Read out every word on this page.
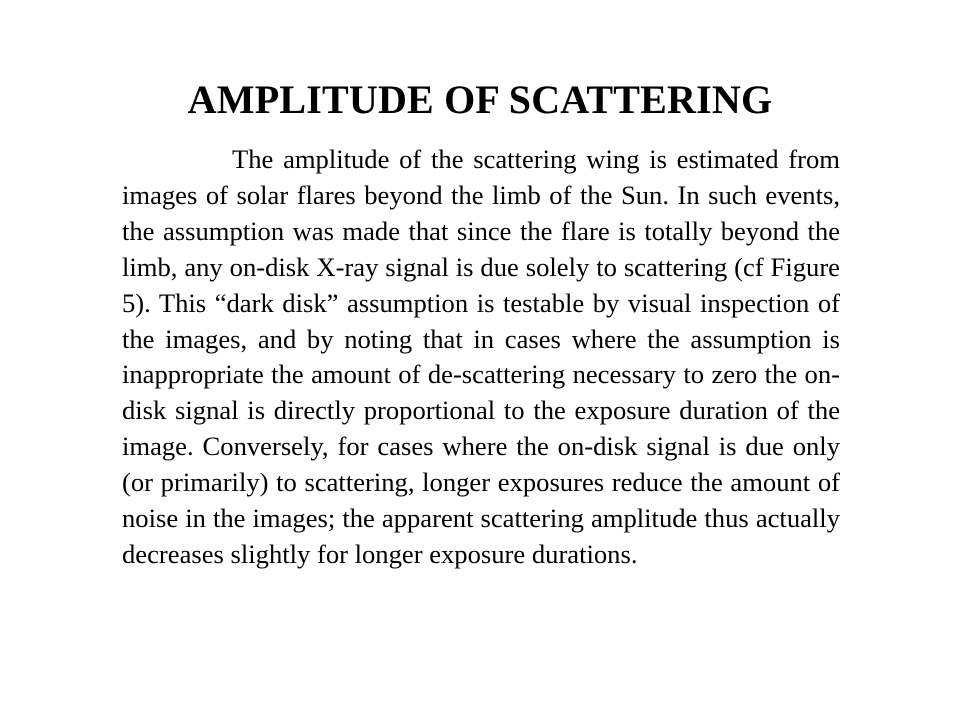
AMPLITUDE OF SCATTERING

The amplitude of the scattering wing is estimated from images of solar flares beyond the limb of the Sun. In such events, the assumption was made that since the flare is totally beyond the limb, any on-disk X-ray signal is due solely to scattering (cf Figure 5). This “dark disk” assumption is testable by visual inspection of the images, and by noting that in cases where the assumption is inappropriate the amount of de-scattering necessary to zero the on-disk signal is directly proportional to the exposure duration of the image. Conversely, for cases where the on-disk signal is due only (or primarily) to scattering, longer exposures reduce the amount of noise in the images; the apparent scattering amplitude thus actually decreases slightly for longer exposure durations.
